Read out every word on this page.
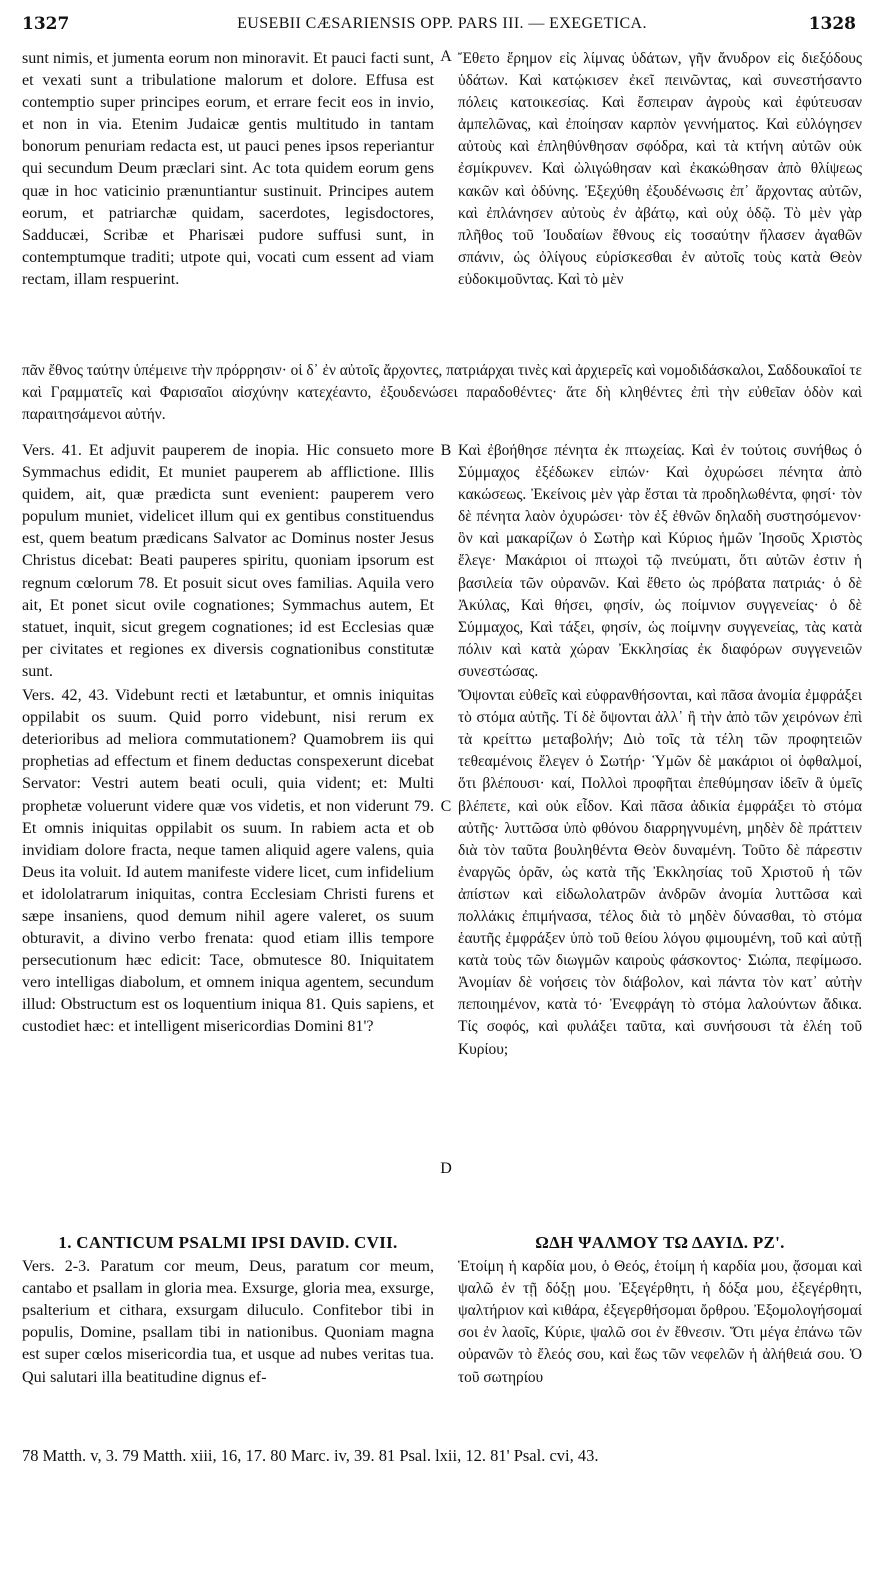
1327	EUSEBII CÆSARIENSIS OPP. PARS III. — EXEGETICA.	1328

sunt nimis, et jumenta eorum non minoravit. Et pauci facti sunt, et vexati sunt a tribulatione malorum et dolore. Effusa est contemptio super principes eorum, et errare fecit eos in invio, et non in via. Etenim Judaicæ gentis multitudo in tantam bonorum penuriam redacta est, ut pauci penes ipsos reperiantur qui secundum Deum præclari sint. Ac tota quidem eorum gens quæ in hoc vaticinio prænuntiantur sustinuit. Principes autem eorum, et patriarchæ quidam, sacerdotes, legisdoctores, Sadducæi, Scribæ et Pharisæi pudore suffusi sunt, in contemptumque traditi; utpote qui, vocati cum essent ad viam rectam, illam respuerint.

A Ἔθετο ἔρημον εἰς λίμνας ὑδάτων, γῆν ἄνυδρον εἰς διεξόδους ὑδάτων. Καὶ κατῴκισεν ἐκεῖ πεινῶντας, καὶ συνεστήσαντο πόλεις κατοικεσίας. Καὶ ἔσπειραν ἀγροὺς καὶ ἐφύτευσαν ἀμπελῶνας, καὶ ἐποίησαν καρπὸν γεννήματος. Καὶ εὐλόγησεν αὐτοὺς καὶ ἐπληθύνθησαν σφόδρα, καὶ τὰ κτήνη αὐτῶν οὐκ ἐσμίκρυνεν. Καὶ ὠλιγώθησαν καὶ ἐκακώθησαν ἀπὸ θλίψεως κακῶν καὶ ὀδύνης. Ἐξεχύθη ἐξουδένωσις ἐπ᾽ ἄρχοντας αὐτῶν, καὶ ἐπλάνησεν αὐτοὺς ἐν ἀβάτῳ, καὶ οὐχ ὁδῷ. Τὸ μὲν γὰρ πλῆθος τοῦ Ἰουδαίων ἔθνους εἰς τοσαύτην ἤλασεν ἀγαθῶν σπάνιν, ὡς ὀλίγους εὑρίσκεσθαι ἐν αὐτοῖς τοὺς κατὰ Θεὸν εὐδοκιμοῦντας. Καὶ τὸ μὲν

πᾶν ἔθνος ταύτην ὑπέμεινε τὴν πρόρρησιν· οἱ δ᾽ ἐν αὐτοῖς ἄρχοντες, πατριάρχαι τινὲς καὶ ἀρχιερεῖς καὶ νομοδιδάσκαλοι, Σαδδουκαῖοί τε καὶ Γραμματεῖς καὶ Φαρισαῖοι αἰσχύνην κατεχέαντο, ἐξουδενώσει παραδοθέντες· ἅτε δὴ κληθέντες ἐπὶ τὴν εὐθεῖαν ὁδὸν καὶ παραιτησάμενοι αὐτήν.

Vers. 41. Et adjuvit pauperem de inopia. Hic consueto more Symmachus edidit, Et muniet pauperem ab afflictione. Illis quidem, ait, quæ prædicta sunt evenient: pauperem vero populum muniet, videlicet illum qui ex gentibus constituendus est, quem beatum prædicans Salvator ac Dominus noster Jesus Christus dicebat: Beati pauperes spiritu, quoniam ipsorum est regnum cœlorum 78. Et posuit sicut oves familias. Aquila vero ait, Et ponet sicut ovile cognationes; Symmachus autem, Et statuet, inquit, sicut gregem cognationes; id est Ecclesias quæ per civitates et regiones ex diversis cognationibus constitutæ sunt.

Vers. 42, 43. Videbunt recti et lætabuntur, et omnis iniquitas oppilabit os suum. Quid porro videbunt, nisi rerum ex deterioribus ad meliora commutationem? Quamobrem iis qui prophetias ad effectum et finem deductas conspexerunt dicebat Servator: Vestri autem beati oculi, quia vident; et: Multi prophetæ voluerunt videre quæ vos videtis, et non viderunt 79. Et omnis iniquitas oppilabit os suum. In rabiem acta et ob invidiam dolore fracta, neque tamen aliquid agere valens, quia Deus ita voluit. Id autem manifeste videre licet, cum infidelium et idololatrarum iniquitas, contra Ecclesiam Christi furens et sæpe insaniens, quod demum nihil agere valeret, os suum obturavit, a divino verbo frenata: quod etiam illis tempore persecutionum hæc edicit: Tace, obmutesce 80. Iniquitatem vero intelligas diabolum, et omnem iniqua agentem, secundum illud: Obstructum est os loquentium iniqua 81. Quis sapiens, et custodiet hæc: et intelligent misericordias Domini 81'?

B
C
D

Καὶ ἐβοήθησε πένητα ἐκ πτωχείας. Καὶ ἐν τούτοις συνήθως ὁ Σύμμαχος ἐξέδωκεν εἰπών· Καὶ ὀχυρώσει πένητα ἀπὸ κακώσεως. Ἐκείνοις μὲν γὰρ ἔσται τὰ προδηλωθέντα, φησί· τὸν δὲ πένητα λαὸν ὀχυρώσει· τὸν ἐξ ἐθνῶν δηλαδὴ συστησόμενον· ὃν καὶ μακαρίζων ὁ Σωτὴρ καὶ Κύριος ἡμῶν Ἰησοῦς Χριστὸς ἔλεγε· Μακάριοι οἱ πτωχοὶ τῷ πνεύματι, ὅτι αὐτῶν ἐστιν ἡ βασιλεία τῶν οὐρανῶν. Καὶ ἔθετο ὡς πρόβατα πατριάς· ὁ δὲ Ἀκύλας, Καὶ θήσει, φησίν, ὡς ποίμνιον συγγενείας· ὁ δὲ Σύμμαχος, Καὶ τάξει, φησίν, ὡς ποίμνην συγγενείας, τὰς κατὰ πόλιν καὶ κατὰ χώραν Ἐκκλησίας ἐκ διαφόρων συγγενειῶν συνεστώσας.

Ὄψονται εὐθεῖς καὶ εὐφρανθήσονται, καὶ πᾶσα ἀνομία ἐμφράξει τὸ στόμα αὐτῆς. Τί δὲ ὄψονται ἀλλ᾽ ἢ τὴν ἀπὸ τῶν χειρόνων ἐπὶ τὰ κρείττω μεταβολήν; Διὸ τοῖς τὰ τέλη τῶν προφητειῶν τεθεαμένοις ἔλεγεν ὁ Σωτήρ· Ὑμῶν δὲ μακάριοι οἱ ὀφθαλμοί, ὅτι βλέπουσι· καί, Πολλοὶ προφῆται ἐπεθύμησαν ἰδεῖν ἃ ὑμεῖς βλέπετε, καὶ οὐκ εἶδον. Καὶ πᾶσα ἀδικία ἐμφράξει τὸ στόμα αὐτῆς· λυττῶσα ὑπὸ φθόνου διαρρηγνυμένη, μηδὲν δὲ πράττειν διὰ τὸν ταῦτα βουληθέντα Θεὸν δυναμένη. Τοῦτο δὲ πάρεστιν ἐναργῶς ὁρᾶν, ὡς κατὰ τῆς Ἐκκλησίας τοῦ Χριστοῦ ἡ τῶν ἀπίστων καὶ εἰδωλολατρῶν ἀνδρῶν ἀνομία λυττῶσα καὶ πολλάκις ἐπιμήνασα, τέλος διὰ τὸ μηδὲν δύνασθαι, τὸ στόμα ἑαυτῆς ἐμφράξεν ὑπὸ τοῦ θείου λόγου φιμουμένη, τοῦ καὶ αὐτῇ κατὰ τοὺς τῶν διωγμῶν καιροὺς φάσκοντος· Σιώπα, πεφίμωσο. Ἀνομίαν δὲ νοήσεις τὸν διάβολον, καὶ πάντα τὸν κατ᾽ αὐτὴν πεποιημένον, κατὰ τό· Ἐνεφράγη τὸ στόμα λαλούντων ἄδικα. Τίς σοφός, καὶ φυλάξει ταῦτα, καὶ συνήσουσι τὰ ἐλέη τοῦ Κυρίου;

1. CANTICUM PSALMI IPSI DAVID. CVII.

Vers. 2-3. Paratum cor meum, Deus, paratum cor meum, cantabo et psallam in gloria mea. Exsurge, gloria mea, exsurge, psalterium et cithara, exsurgam diluculo. Confitebor tibi in populis, Domine, psallam tibi in nationibus. Quoniam magna est super cœlos misericordia tua, et usque ad nubes veritas tua. Qui salutari illa beatitudine dignus ef-

ΩΔΗ ΨΑΛΜΟΥ ΤΩ ΔΑΥΙΔ. ΡΖ'.

Ἑτοίμη ἡ καρδία μου, ὁ Θεός, ἑτοίμη ἡ καρδία μου, ᾄσομαι καὶ ψαλῶ ἐν τῇ δόξῃ μου. Ἐξεγέρθητι, ἡ δόξα μου, ἐξεγέρθητι, ψαλτήριον καὶ κιθάρα, ἐξεγερθήσομαι ὄρθρου. Ἐξομολογήσομαί σοι ἐν λαοῖς, Κύριε, ψαλῶ σοι ἐν ἔθνεσιν. Ὅτι μέγα ἐπάνω τῶν οὐρανῶν τὸ ἔλεός σου, καὶ ἕως τῶν νεφελῶν ἡ ἀλήθειά σου. Ὁ τοῦ σωτηρίου

78 Matth. v, 3. 79 Matth. xiii, 16, 17. 80 Marc. iv, 39. 81 Psal. lxii, 12. 81' Psal. cvi, 43.
